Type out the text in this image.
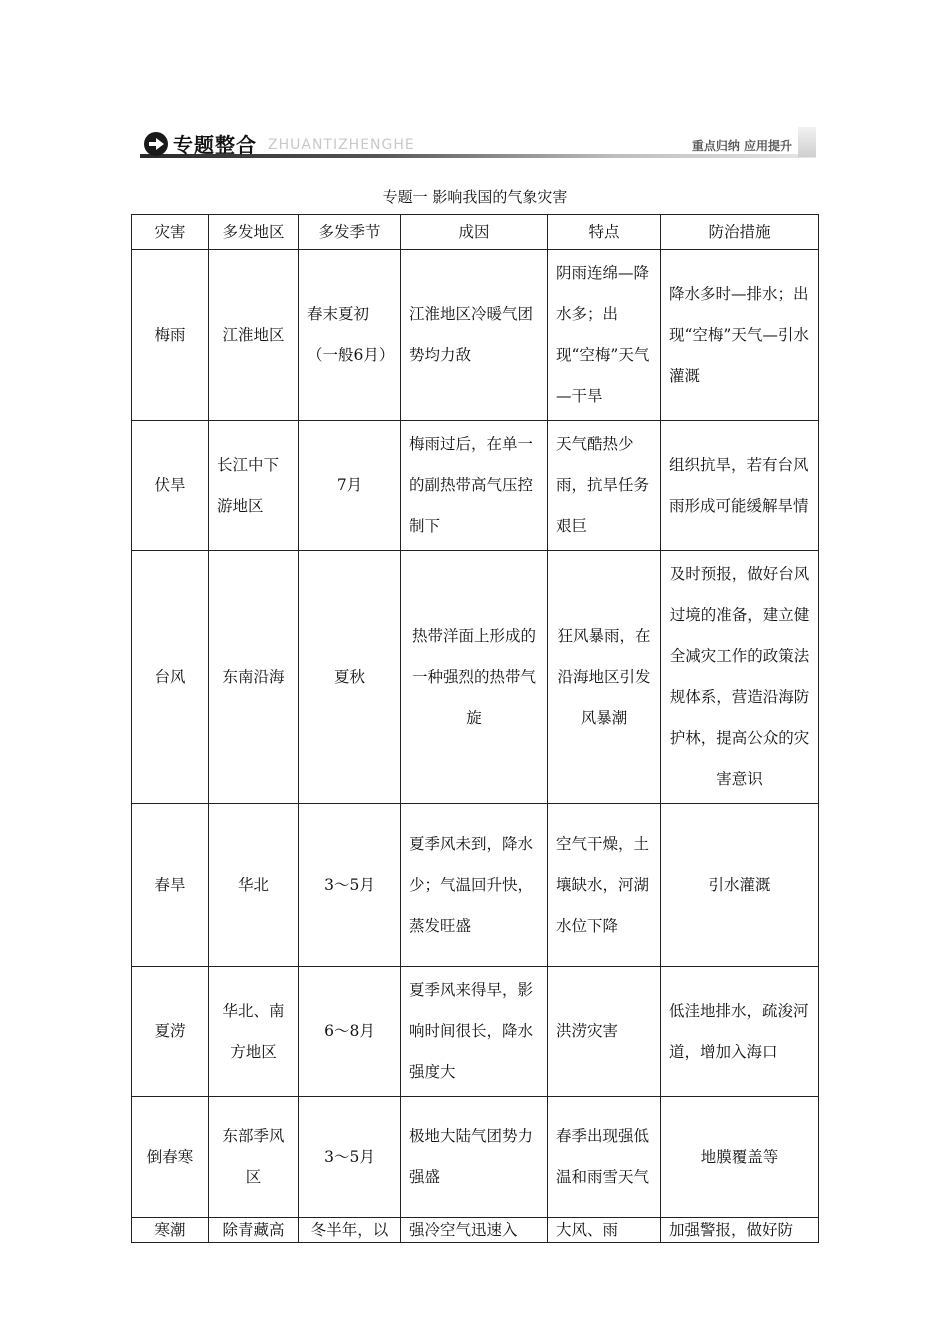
专题整合 ZHUANTIZHENGHE	重点归纳 应用提升
专题一 影响我国的气象灾害
灾害	多发地区	多发季节	成因	特点	防治措施
梅雨	江淮地区	春末夏初（一般6月）	江淮地区冷暖气团势均力敌	阴雨连绵—降水多；出现“空梅”天气—干旱	降水多时—排水；出现“空梅”天气—引水灌溉
伏旱	长江中下游地区	7月	梅雨过后，在单一的副热带高气压控制下	天气酷热少雨，抗旱任务艰巨	组织抗旱，若有台风雨形成可能缓解旱情
台风	东南沿海	夏秋	热带洋面上形成的一种强烈的热带气旋	狂风暴雨，在沿海地区引发风暴潮	及时预报，做好台风过境的准备，建立健全减灾工作的政策法规体系，营造沿海防护林，提高公众的灾害意识
春旱	华北	3～5月	夏季风未到，降水少；气温回升快，蒸发旺盛	空气干燥，土壤缺水，河湖水位下降	引水灌溉
夏涝	华北、南方地区	6～8月	夏季风来得早，影响时间很长，降水强度大	洪涝灾害	低洼地排水，疏浚河道，增加入海口
倒春寒	东部季风区	3～5月	极地大陆气团势力强盛	春季出现强低温和雨雪天气	地膜覆盖等
寒潮	除青藏高	冬半年，以	强冷空气迅速入	大风、雨	加强警报，做好防
